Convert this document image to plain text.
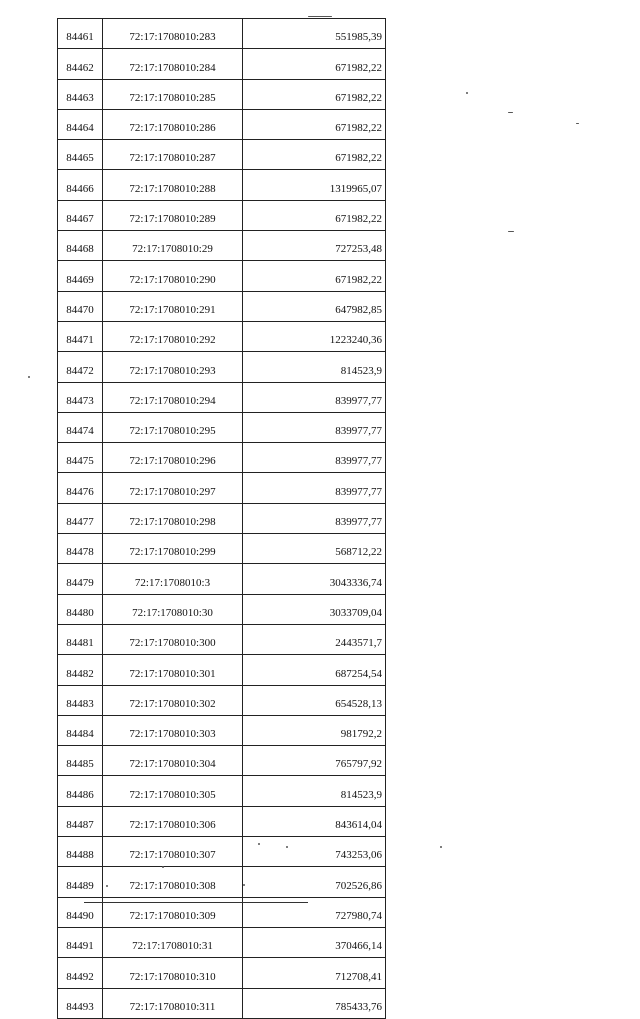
84461	72:17:1708010:283	551985,39
84462	72:17:1708010:284	671982,22
84463	72:17:1708010:285	671982,22
84464	72:17:1708010:286	671982,22
84465	72:17:1708010:287	671982,22
84466	72:17:1708010:288	1319965,07
84467	72:17:1708010:289	671982,22
84468	72:17:1708010:29	727253,48
84469	72:17:1708010:290	671982,22
84470	72:17:1708010:291	647982,85
84471	72:17:1708010:292	1223240,36
84472	72:17:1708010:293	814523,9
84473	72:17:1708010:294	839977,77
84474	72:17:1708010:295	839977,77
84475	72:17:1708010:296	839977,77
84476	72:17:1708010:297	839977,77
84477	72:17:1708010:298	839977,77
84478	72:17:1708010:299	568712,22
84479	72:17:1708010:3	3043336,74
84480	72:17:1708010:30	3033709,04
84481	72:17:1708010:300	2443571,7
84482	72:17:1708010:301	687254,54
84483	72:17:1708010:302	654528,13
84484	72:17:1708010:303	981792,2
84485	72:17:1708010:304	765797,92
84486	72:17:1708010:305	814523,9
84487	72:17:1708010:306	843614,04
84488	72:17:1708010:307	743253,06
84489	72:17:1708010:308	702526,86
84490	72:17:1708010:309	727980,74
84491	72:17:1708010:31	370466,14
84492	72:17:1708010:310	712708,41
84493	72:17:1708010:311	785433,76
